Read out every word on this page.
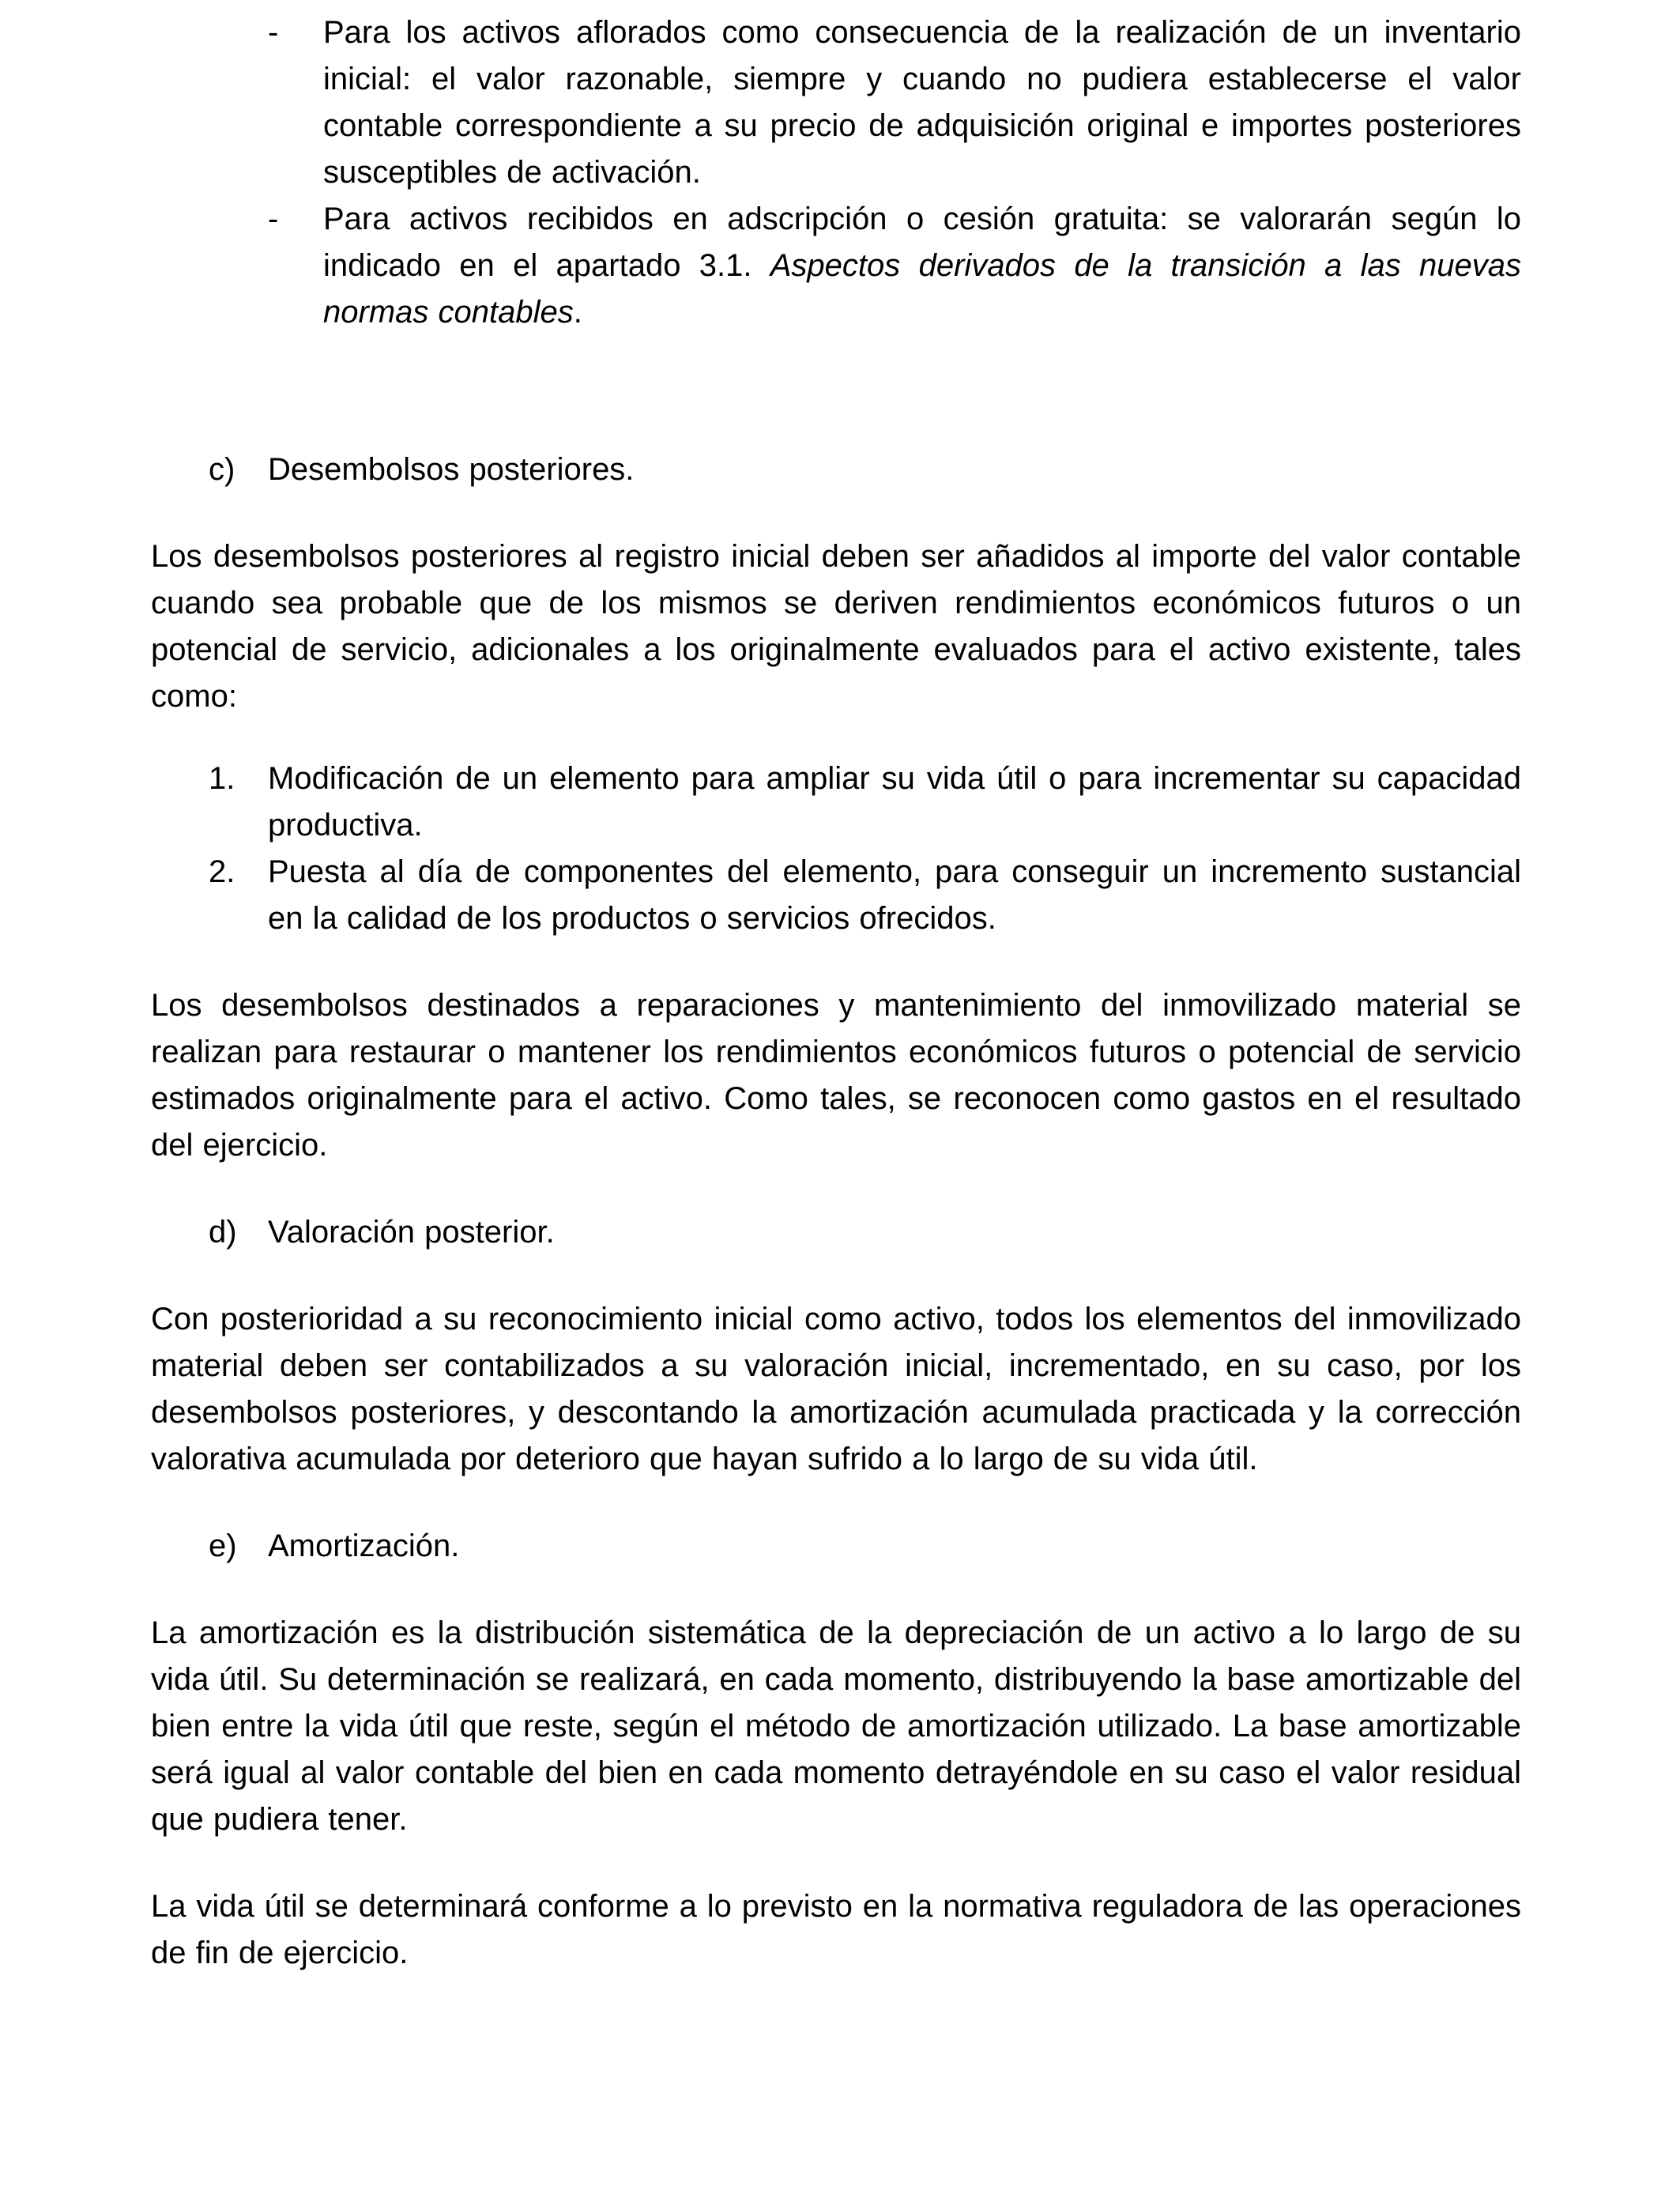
- Para los activos aflorados como consecuencia de la realización de un inventario inicial: el valor razonable, siempre y cuando no pudiera establecerse el valor contable correspondiente a su precio de adquisición original e importes posteriores susceptibles de activación.
- Para activos recibidos en adscripción o cesión gratuita: se valorarán según lo indicado en el apartado 3.1. Aspectos derivados de la transición a las nuevas normas contables.
c) Desembolsos posteriores.

Los desembolsos posteriores al registro inicial deben ser añadidos al importe del valor contable cuando sea probable que de los mismos se deriven rendimientos económicos futuros o un potencial de servicio, adicionales a los originalmente evaluados para el activo existente, tales como:

1. Modificación de un elemento para ampliar su vida útil o para incrementar su capacidad productiva.
2. Puesta al día de componentes del elemento, para conseguir un incremento sustancial en la calidad de los productos o servicios ofrecidos.

Los desembolsos destinados a reparaciones y mantenimiento del inmovilizado material se realizan para restaurar o mantener los rendimientos económicos futuros o potencial de servicio estimados originalmente para el activo. Como tales, se reconocen como gastos en el resultado del ejercicio.

d) Valoración posterior.

Con posterioridad a su reconocimiento inicial como activo, todos los elementos del inmovilizado material deben ser contabilizados a su valoración inicial, incrementado, en su caso, por los desembolsos posteriores, y descontando la amortización acumulada practicada y la corrección valorativa acumulada por deterioro que hayan sufrido a lo largo de su vida útil.

e) Amortización.

La amortización es la distribución sistemática de la depreciación de un activo a lo largo de su vida útil. Su determinación se realizará, en cada momento, distribuyendo la base amortizable del bien entre la vida útil que reste, según el método de amortización utilizado. La base amortizable será igual al valor contable del bien en cada momento detrayéndole en su caso el valor residual que pudiera tener.

La vida útil se determinará conforme a lo previsto en la normativa reguladora de las operaciones de fin de ejercicio.
